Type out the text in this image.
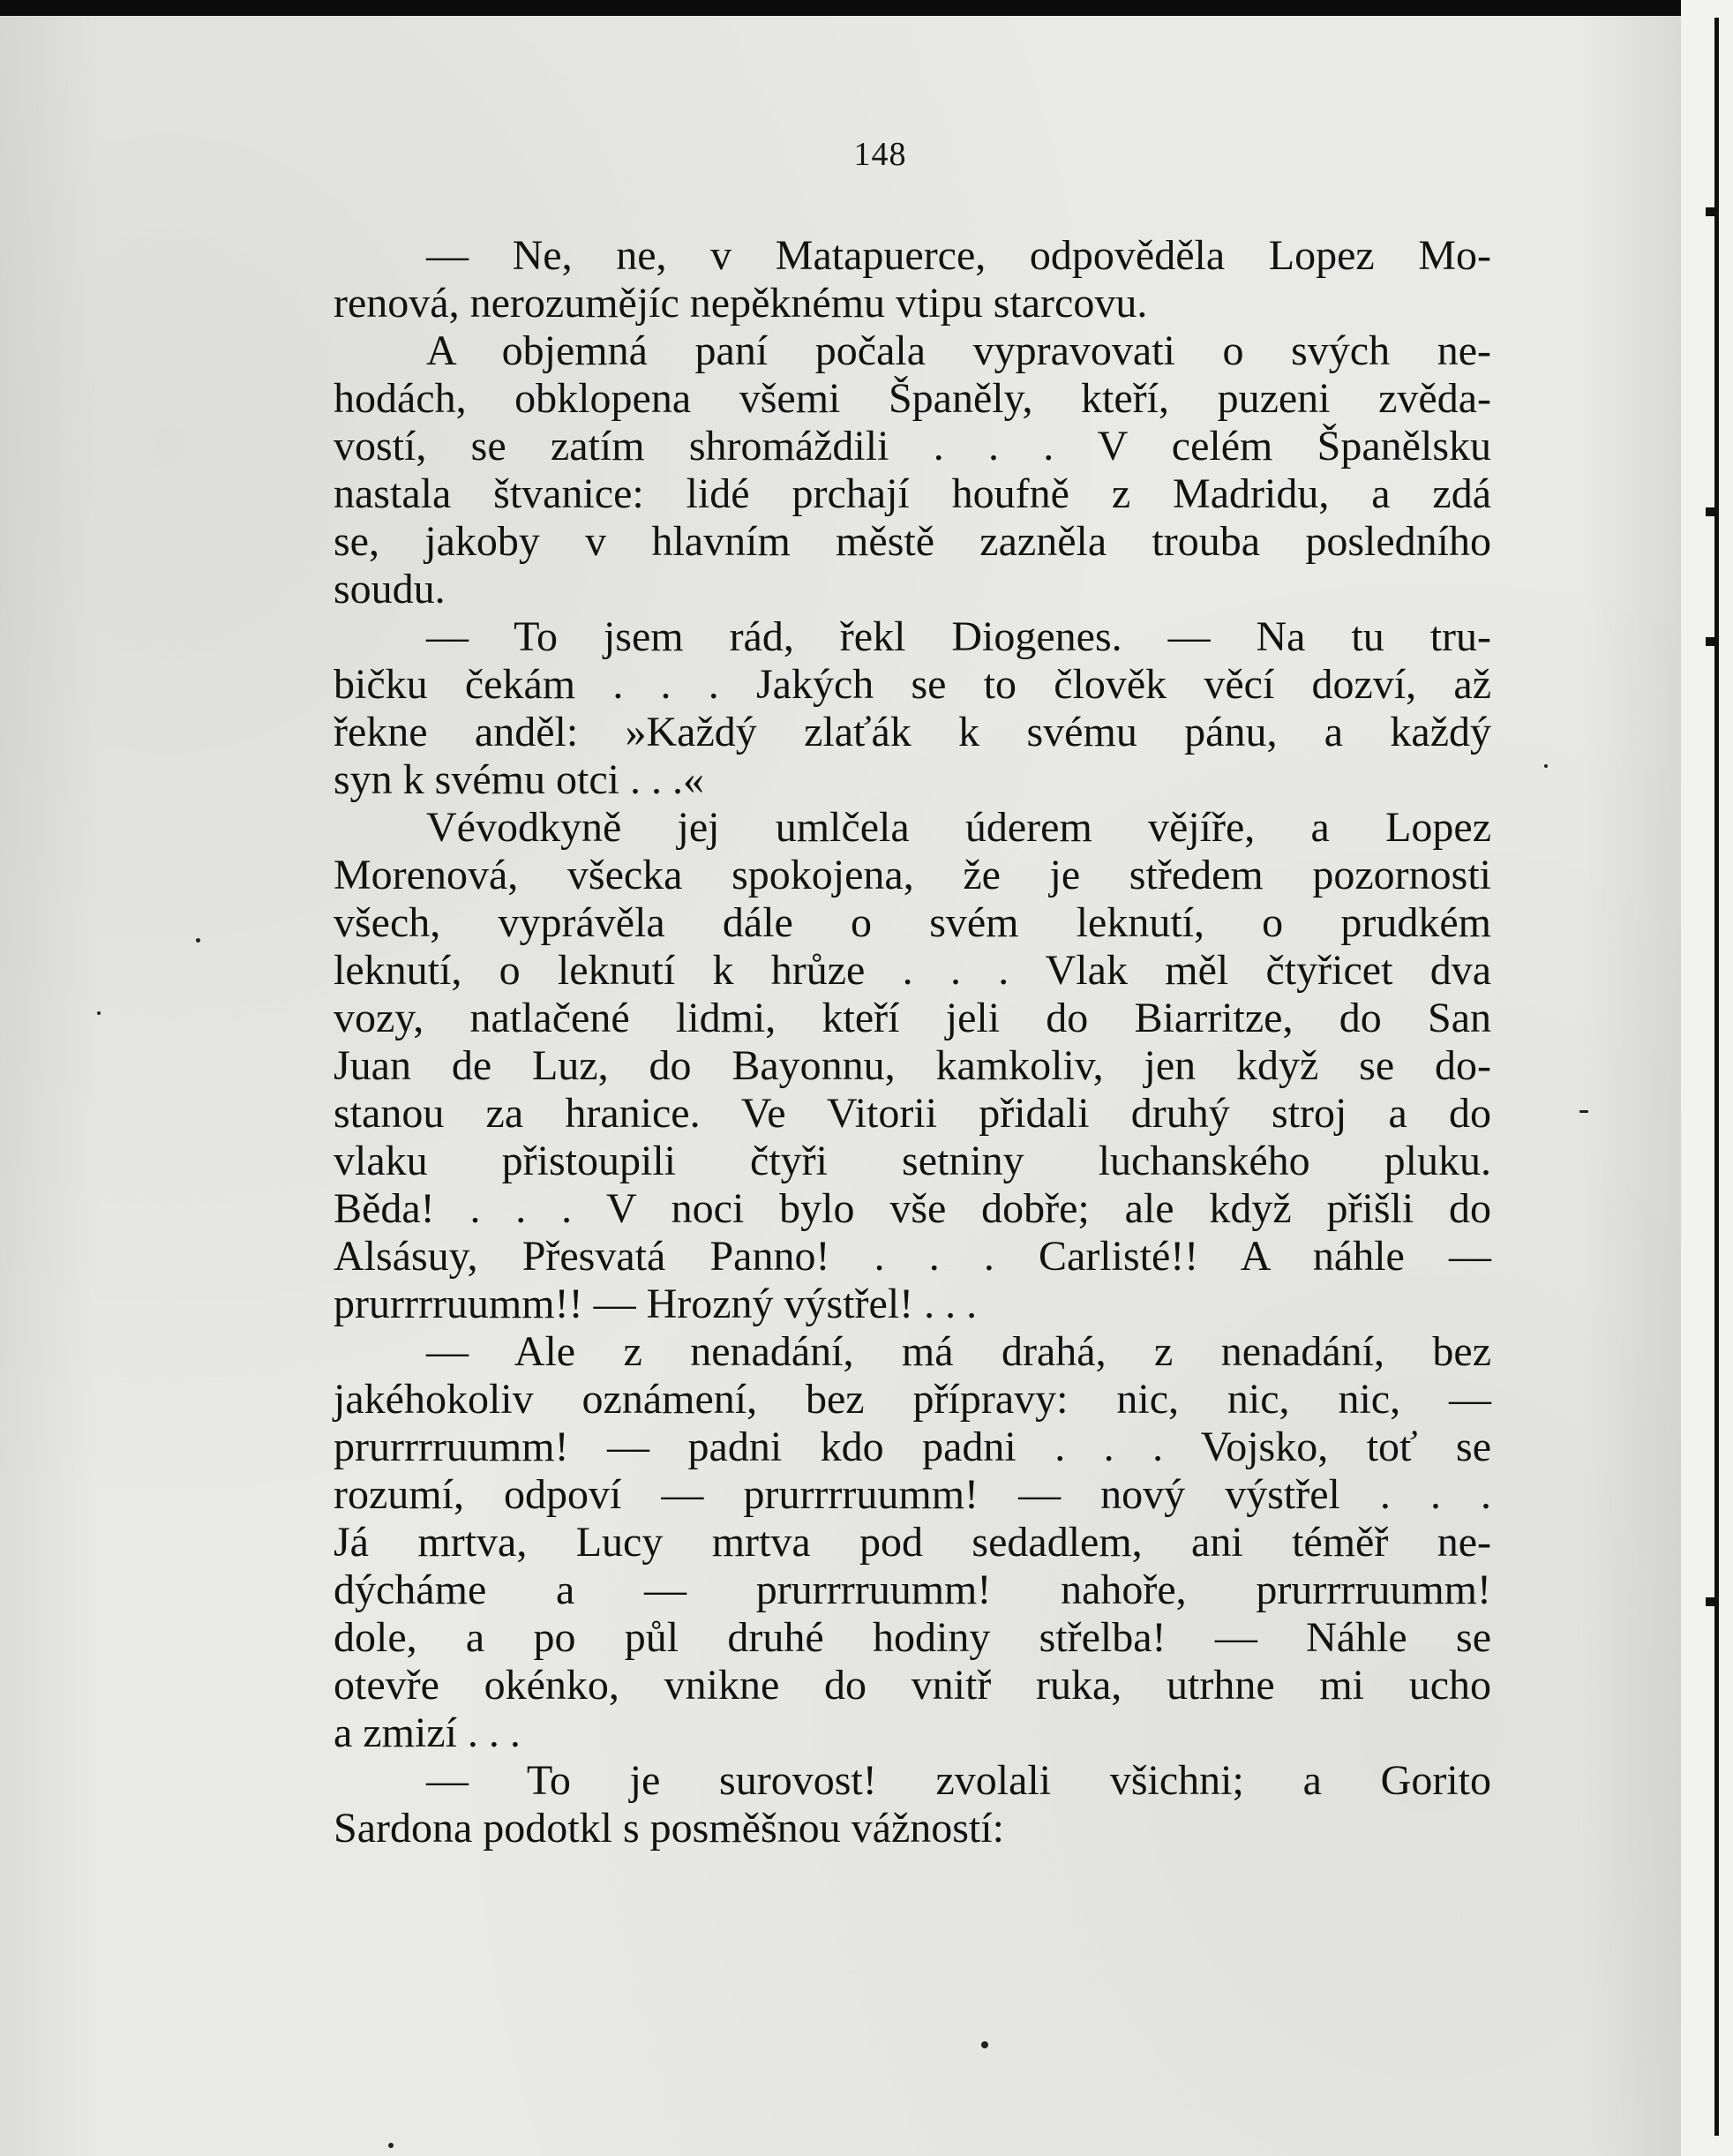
148
— Ne, ne, v Matapuerce, odpověděla Lopez Mo-
renová, nerozumějíc nepěknému vtipu starcovu.
A objemná paní počala vypravovati o svých ne-
hodách, obklopena všemi Španěly, kteří, puzeni zvěda-
vostí, se zatím shromáždili . . . V celém Španělsku
nastala štvanice: lidé prchají houfně z Madridu, a zdá
se, jakoby v hlavním městě zazněla trouba posledního
soudu.
— To jsem rád, řekl Diogenes. — Na tu tru-
bičku čekám . . . Jakých se to člověk věcí dozví, až
řekne anděl: »Každý zlaťák k svému pánu, a každý
syn k svému otci . . .«
Vévodkyně jej umlčela úderem vějíře, a Lopez
Morenová, všecka spokojena, že je středem pozornosti
všech, vyprávěla dále o svém leknutí, o prudkém
leknutí, o leknutí k hrůze . . . Vlak měl čtyřicet dva
vozy, natlačené lidmi, kteří jeli do Biarritze, do San
Juan de Luz, do Bayonnu, kamkoliv, jen když se do-
stanou za hranice. Ve Vitorii přidali druhý stroj a do
vlaku přistoupili čtyři setniny luchanského pluku.
Běda! . . . V noci bylo vše dobře; ale když přišli do
Alsásuy, Přesvatá Panno! . . . Carlisté!! A náhle —
prurrrruumm!! — Hrozný výstřel! . . .
— Ale z nenadání, má drahá, z nenadání, bez
jakéhokoliv oznámení, bez přípravy: nic, nic, nic, —
prurrrruumm! — padni kdo padni . . . Vojsko, toť se
rozumí, odpoví — prurrrruumm! — nový výstřel . . .
Já mrtva, Lucy mrtva pod sedadlem, ani téměř ne-
dýcháme a — prurrrruumm! nahoře, prurrrruumm!
dole, a po půl druhé hodiny střelba! — Náhle se
otevře okénko, vnikne do vnitř ruka, utrhne mi ucho
a zmizí . . .
— To je surovost! zvolali všichni; a Gorito
Sardona podotkl s posměšnou vážností:
